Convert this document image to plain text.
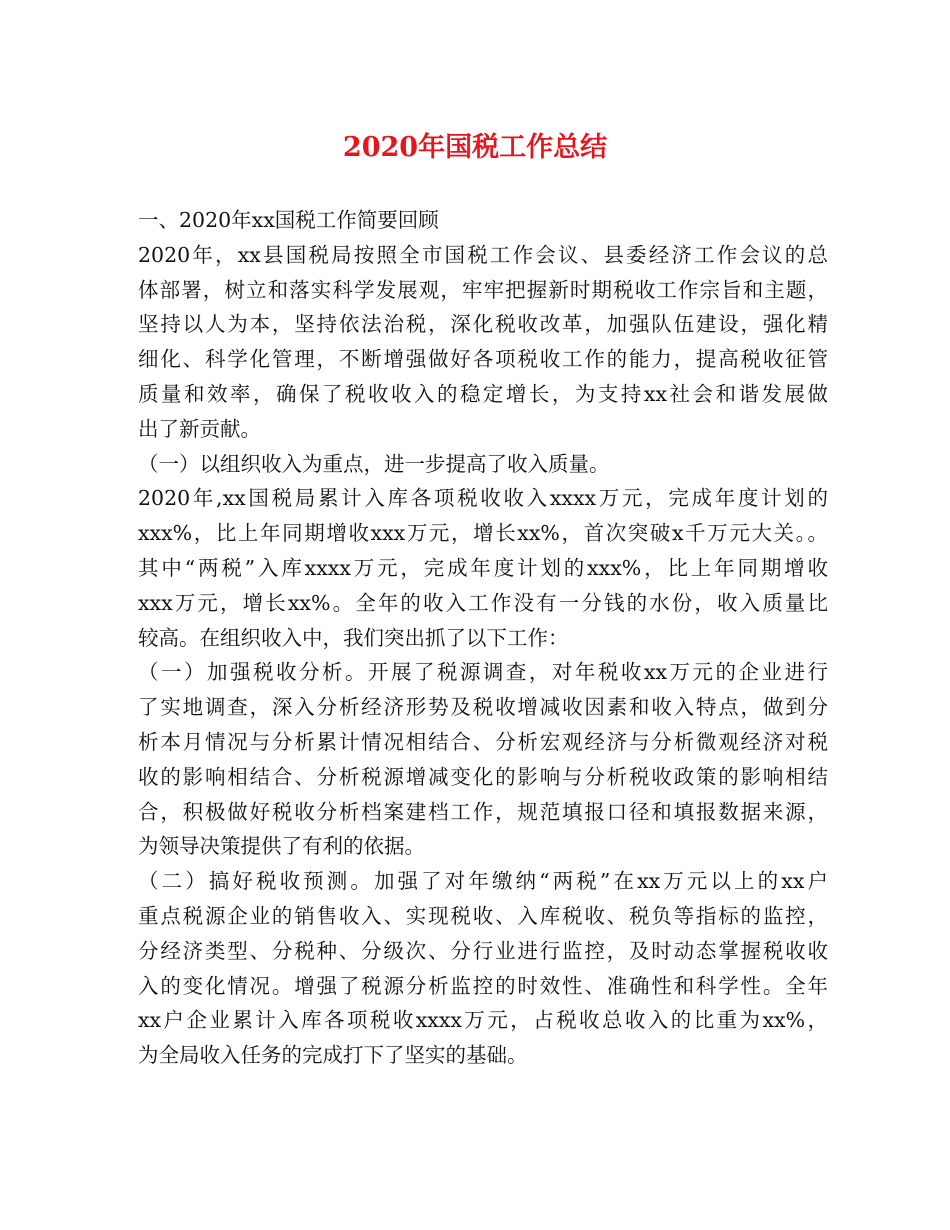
2020年国税工作总结
一、2020年xx国税工作简要回顾
2020年，xx县国税局按照全市国税工作会议、县委经济工作会议的总
体部署，树立和落实科学发展观，牢牢把握新时期税收工作宗旨和主题，
坚持以人为本，坚持依法治税，深化税收改革，加强队伍建设，强化精
细化、科学化管理，不断增强做好各项税收工作的能力，提高税收征管
质量和效率，确保了税收收入的稳定增长，为支持xx社会和谐发展做
出了新贡献。
（一）以组织收入为重点，进一步提高了收入质量。
2020年,xx国税局累计入库各项税收收入xxxx万元，完成年度计划的
xxx%，比上年同期增收xxx万元，增长xx%，首次突破x千万元大关。。
其中“两税”入库xxxx万元，完成年度计划的xxx%，比上年同期增收
xxx万元，增长xx%。全年的收入工作没有一分钱的水份，收入质量比
较高。在组织收入中，我们突出抓了以下工作：
（一）加强税收分析。开展了税源调查，对年税收xx万元的企业进行
了实地调查，深入分析经济形势及税收增减收因素和收入特点，做到分
析本月情况与分析累计情况相结合、分析宏观经济与分析微观经济对税
收的影响相结合、分析税源增减变化的影响与分析税收政策的影响相结
合，积极做好税收分析档案建档工作，规范填报口径和填报数据来源，
为领导决策提供了有利的依据。
（二）搞好税收预测。加强了对年缴纳“两税”在xx万元以上的xx户
重点税源企业的销售收入、实现税收、入库税收、税负等指标的监控，
分经济类型、分税种、分级次、分行业进行监控，及时动态掌握税收收
入的变化情况。增强了税源分析监控的时效性、准确性和科学性。全年
xx户企业累计入库各项税收xxxx万元，占税收总收入的比重为xx%，
为全局收入任务的完成打下了坚实的基础。
